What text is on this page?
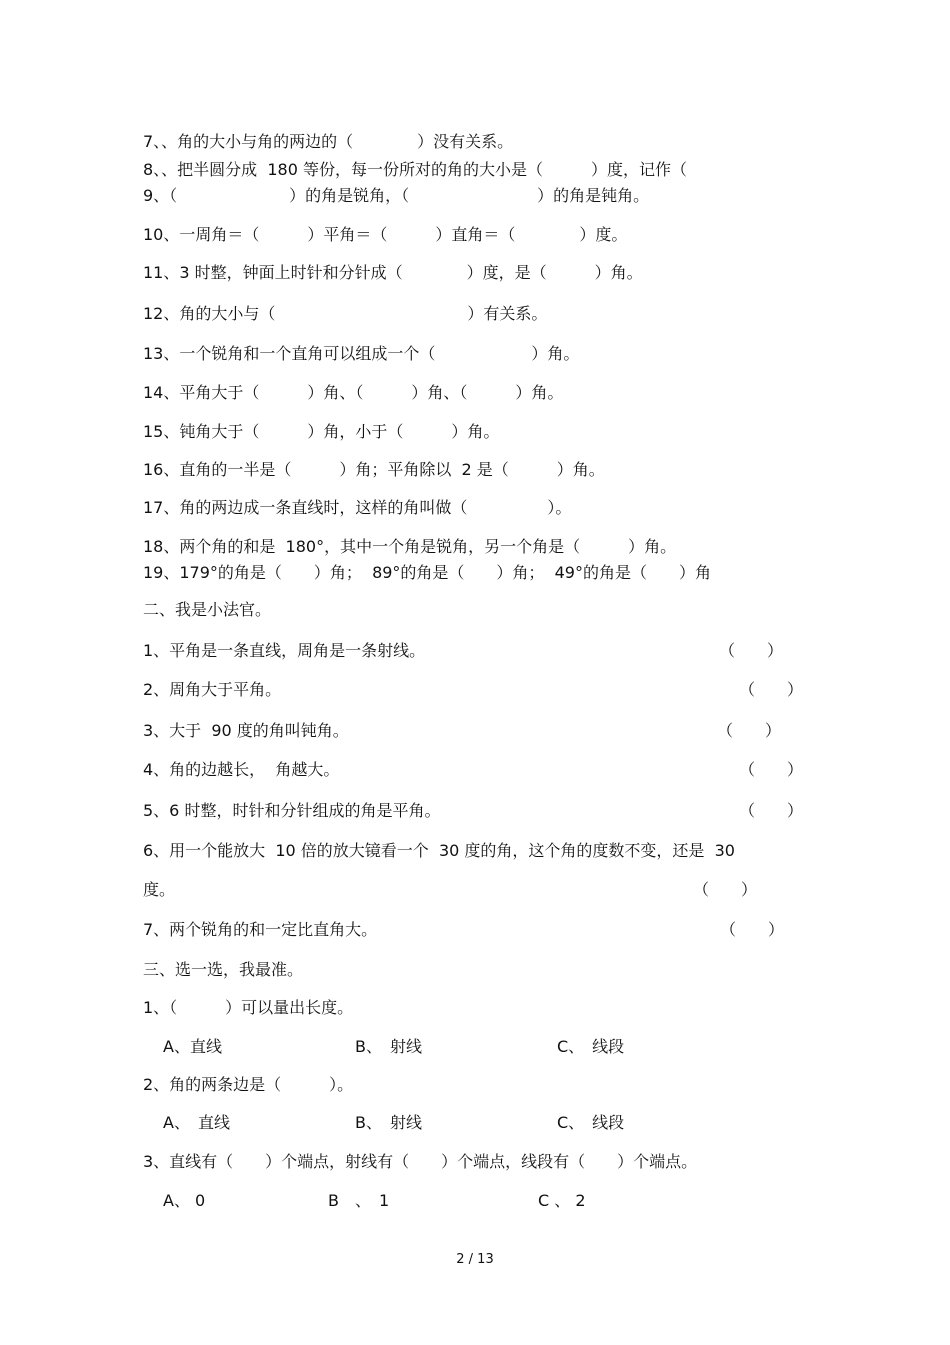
7、、角的大小与角的两边的（　　　　）没有关系。
8、、把半圆分成  180 等份，每一份所对的角的大小是（　　　）度，记作（
9、（　　　　　　　）的角是锐角，（　　　　　　　　）的角是钝角。
10、一周角＝（　　　）平角＝（　　　）直角＝（　　　　）度。
11、3 时整，钟面上时针和分针成（　　　　）度，是（　　　）角。
12、角的大小与（　　　　　　　　　　　　）有关系。
13、一个锐角和一个直角可以组成一个（　　　　　　）角。
14、平角大于（　　　）角、（　　　）角、（　　　）角。
15、钝角大于（　　　）角，小于（　　　）角。
16、直角的一半是（　　　）角；平角除以  2 是（　　　）角。
17、角的两边成一条直线时，这样的角叫做（　　　　　）。
18、两个角的和是  180°，其中一个角是锐角，另一个角是（　　　）角。
19、179°的角是（　　）角；  89°的角是（　　）角；  49°的角是（　　）角
二、我是小法官。
1、平角是一条直线，周角是一条射线。	（　　）
2、周角大于平角。	（　　）
3、大于  90 度的角叫钝角。	（　　）
4、角的边越长，  角越大。	（　　）
5、6 时整，时针和分针组成的角是平角。	（　　）
6、用一个能放大  10 倍的放大镜看一个  30 度的角，这个角的度数不变，还是  30
度。	（　　）
7、两个锐角的和一定比直角大。	（　　）
三、选一选，我最准。
1、（　　　）可以量出长度。
A、直线	B、　射线	C、　线段
2、角的两条边是（　　　）。
A、　直线	B、　射线	C、　线段
3、直线有（　　）个端点，射线有（　　）个端点，线段有（　　）个端点。
A、 0	B　、　1	C 、 2
2 / 13
